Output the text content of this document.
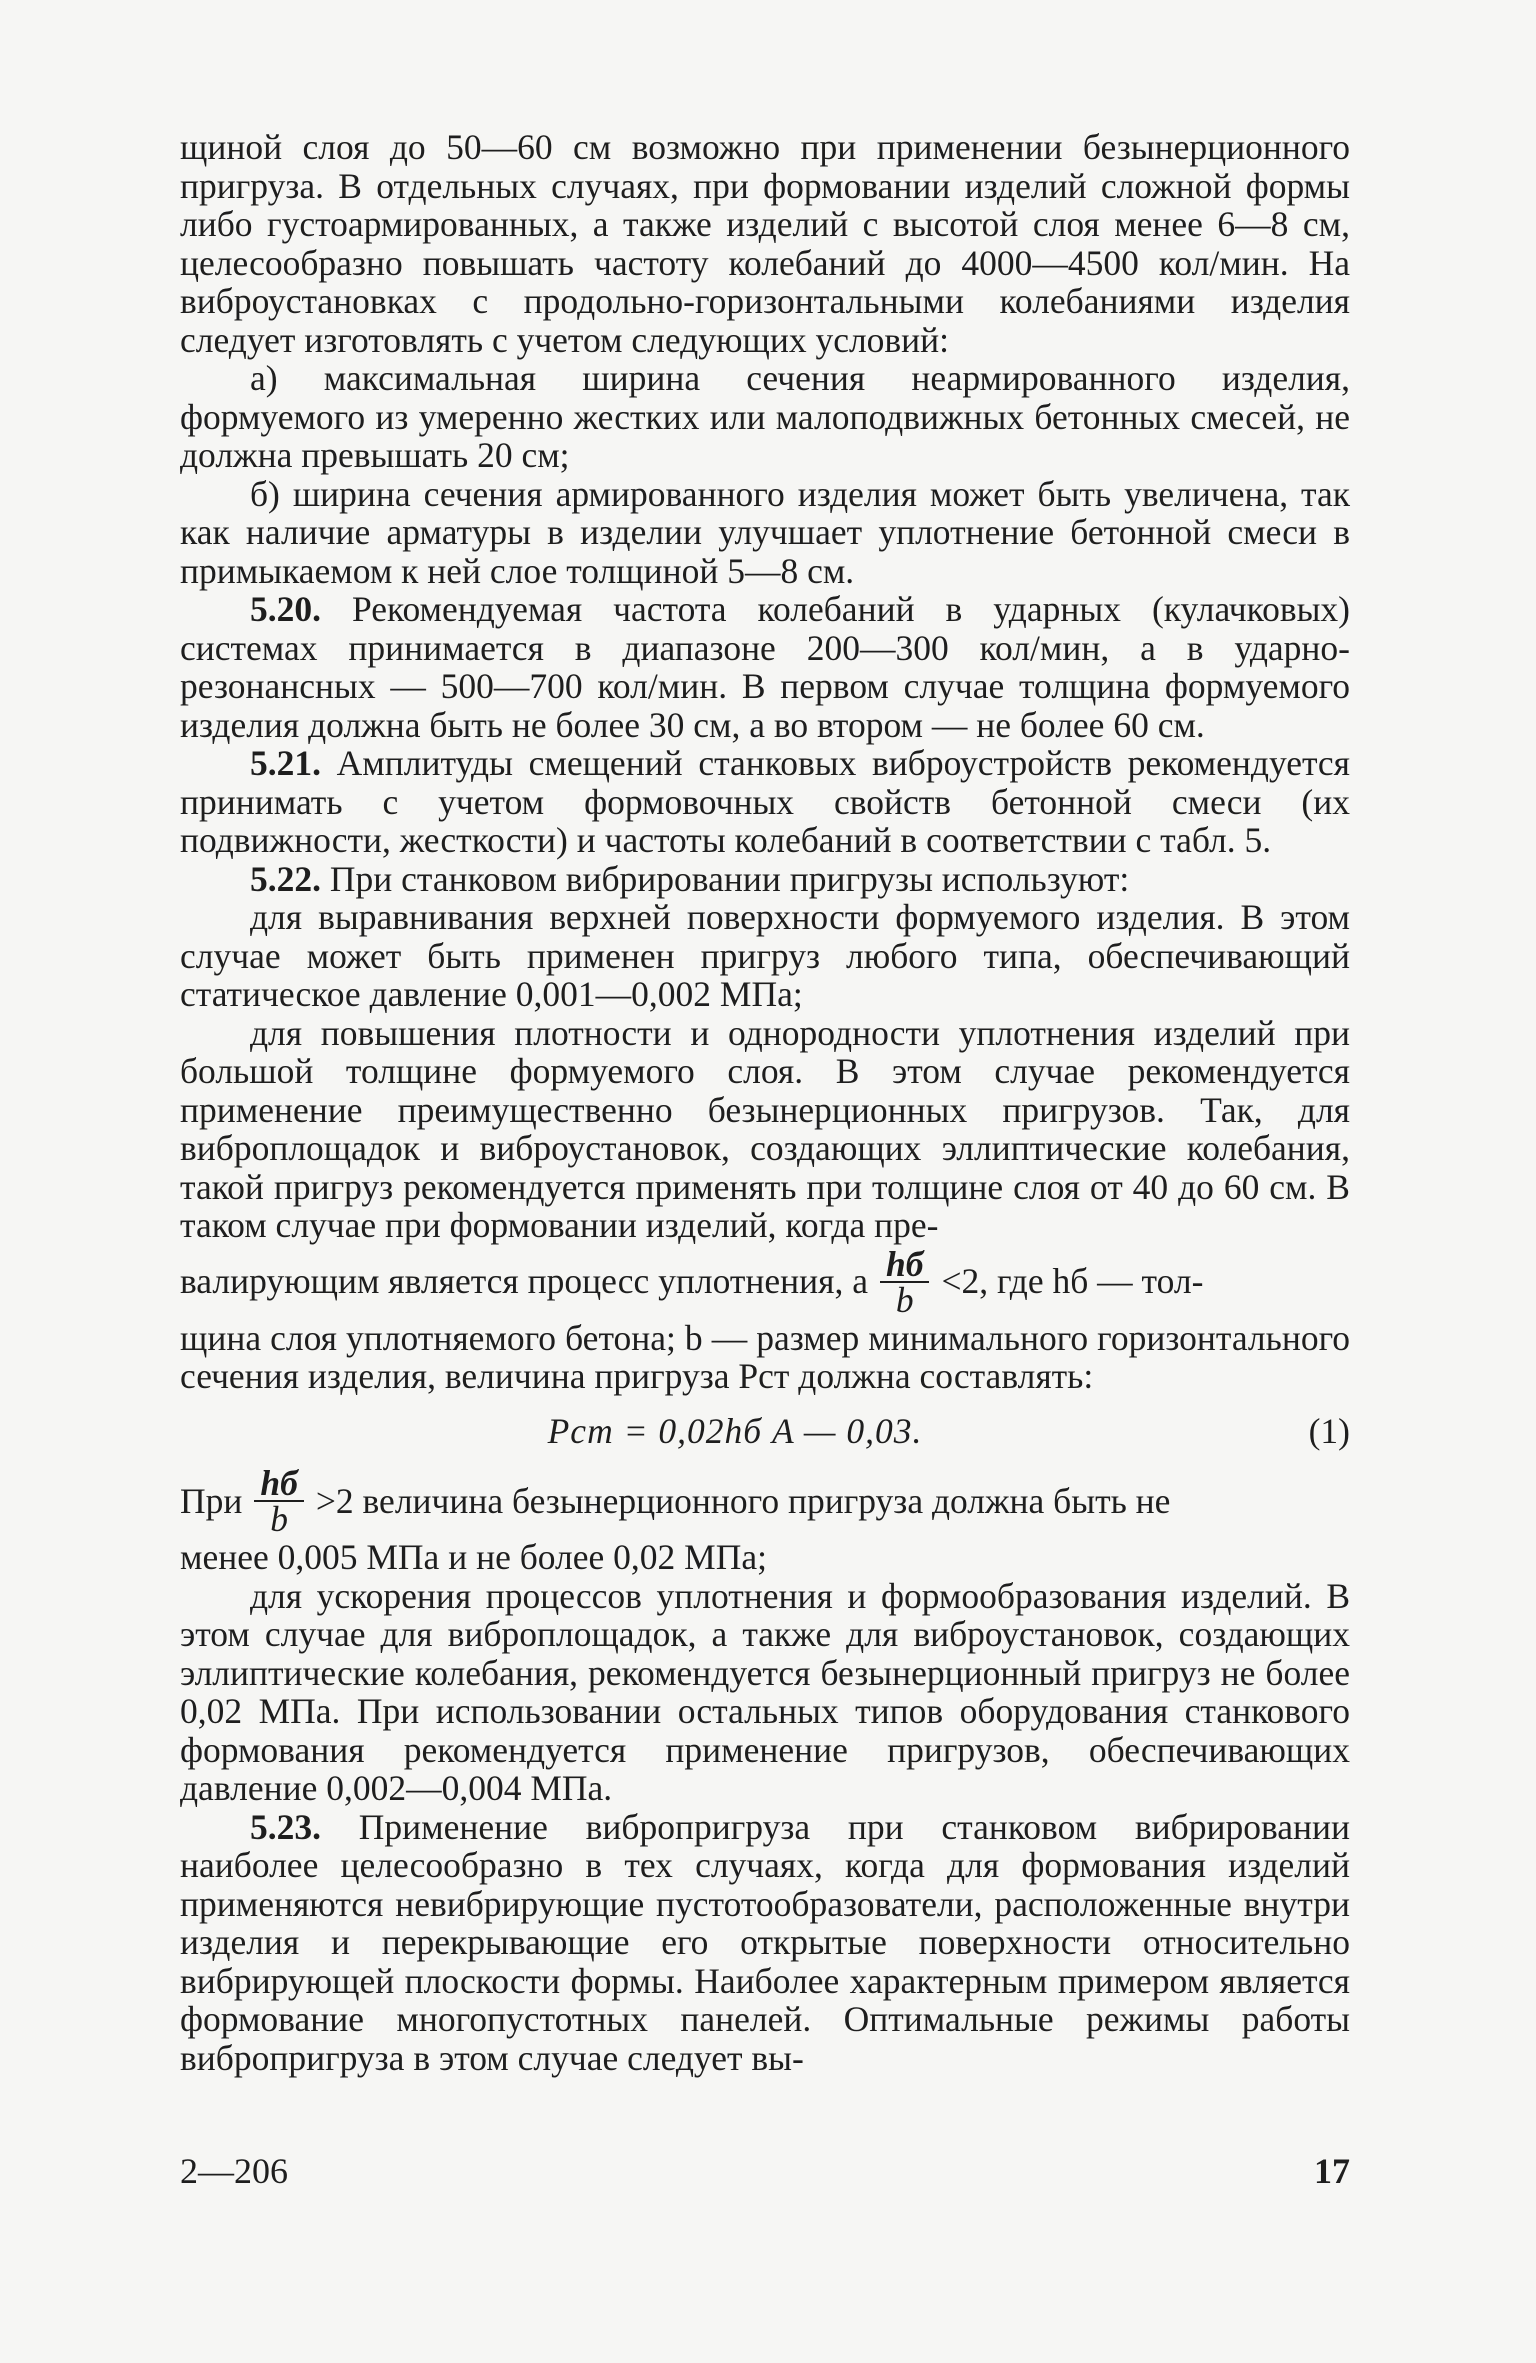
щиной слоя до 50—60 см возможно при применении безынерционного пригруза. В отдельных случаях, при формовании изделий сложной формы либо густоармированных, а также изделий с высотой слоя менее 6—8 см, целесообразно повышать частоту колебаний до 4000—4500 кол/мин. На виброустановках с продольно-горизонтальными колебаниями изделия следует изготовлять с учетом следующих условий:

а) максимальная ширина сечения неармированного изделия, формуемого из умеренно жестких или малоподвижных бетонных смесей, не должна превышать 20 см;

б) ширина сечения армированного изделия может быть увеличена, так как наличие арматуры в изделии улучшает уплотнение бетонной смеси в примыкаемом к ней слое толщиной 5—8 см.

5.20. Рекомендуемая частота колебаний в ударных (кулачковых) системах принимается в диапазоне 200—300 кол/мин, а в ударно-резонансных — 500—700 кол/мин. В первом случае толщина формуемого изделия должна быть не более 30 см, а во втором — не более 60 см.

5.21. Амплитуды смещений станковых виброустройств рекомендуется принимать с учетом формовочных свойств бетонной смеси (их подвижности, жесткости) и частоты колебаний в соответствии с табл. 5.

5.22. При станковом вибрировании пригрузы используют:

для выравнивания верхней поверхности формуемого изделия. В этом случае может быть применен пригруз любого типа, обеспечивающий статическое давление 0,001—0,002 МПа;

для повышения плотности и однородности уплотнения изделий при большой толщине формуемого слоя. В этом случае рекомендуется применение преимущественно безынерционных пригрузов. Так, для виброплощадок и виброустановок, создающих эллиптические колебания, такой пригруз рекомендуется применять при толщине слоя от 40 до 60 см. В таком случае при формовании изделий, когда пре-

валирующим является процесс уплотнения, а $\frac{hб}{b} <2$, где hб — тол-

щина слоя уплотняемого бетона; b — размер минимального горизонтального сечения изделия, величина пригруза Рст должна составлять:

Рст = 0,02hб A — 0,03.	(1)
При $\frac{hб}{b} >2$ величина безынерционного пригруза должна быть не

менее 0,005 МПа и не более 0,02 МПа;

для ускорения процессов уплотнения и формообразования изделий. В этом случае для виброплощадок, а также для виброустановок, создающих эллиптические колебания, рекомендуется безынерционный пригруз не более 0,02 МПа. При использовании остальных типов оборудования станкового формования рекомендуется применение пригрузов, обеспечивающих давление 0,002—0,004 МПа.

5.23. Применение вибропригруза при станковом вибрировании наиболее целесообразно в тех случаях, когда для формования изделий применяются невибрирующие пустотообразователи, расположенные внутри изделия и перекрывающие его открытые поверхности относительно вибрирующей плоскости формы. Наиболее характерным примером является формование многопустотных панелей. Оптимальные режимы работы вибропригруза в этом случае следует вы-

2—206	17
